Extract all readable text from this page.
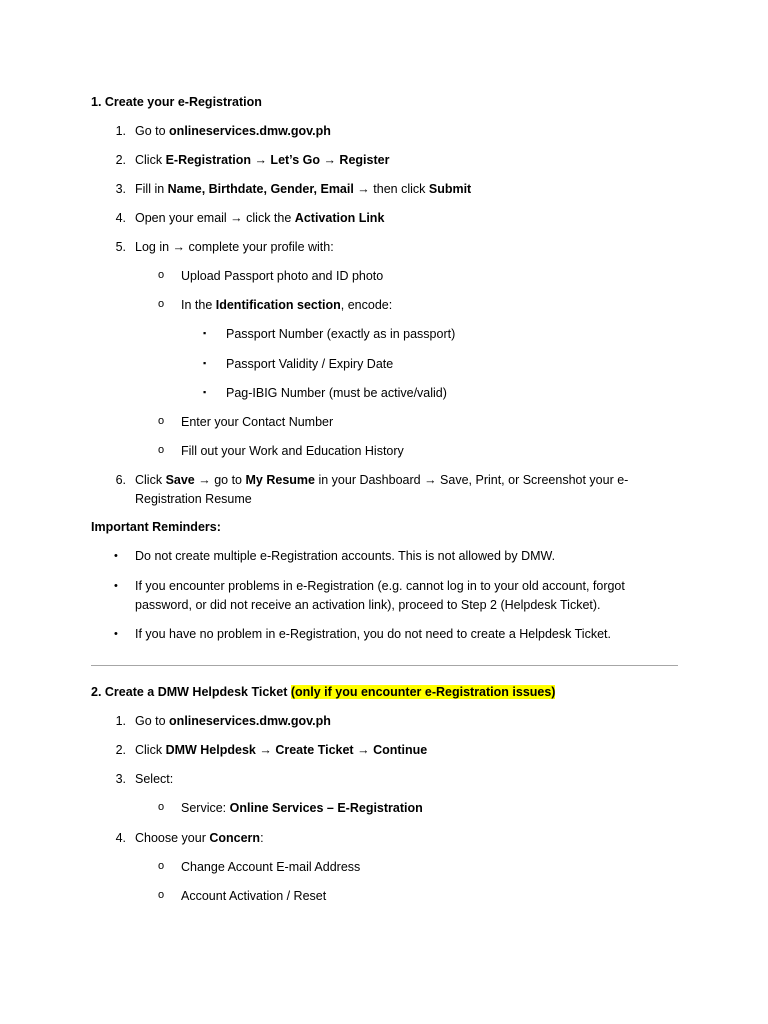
1. Create your e-Registration
1. Go to onlineservices.dmw.gov.ph
2. Click E-Registration → Let’s Go → Register
3. Fill in Name, Birthdate, Gender, Email → then click Submit
4. Open your email → click the Activation Link
5. Log in → complete your profile with:
o Upload Passport photo and ID photo
o In the Identification section, encode:
▪ Passport Number (exactly as in passport)
▪ Passport Validity / Expiry Date
▪ Pag-IBIG Number (must be active/valid)
o Enter your Contact Number
o Fill out your Work and Education History
6. Click Save → go to My Resume in your Dashboard → Save, Print, or Screenshot your e-
Registration Resume
Important Reminders:
• Do not create multiple e-Registration accounts. This is not allowed by DMW.
• If you encounter problems in e-Registration (e.g. cannot log in to your old account, forgot
password, or did not receive an activation link), proceed to Step 2 (Helpdesk Ticket).
• If you have no problem in e-Registration, you do not need to create a Helpdesk Ticket.
2. Create a DMW Helpdesk Ticket (only if you encounter e-Registration issues)
1. Go to onlineservices.dmw.gov.ph
2. Click DMW Helpdesk → Create Ticket → Continue
3. Select:
o Service: Online Services – E-Registration
4. Choose your Concern:
o Change Account E-mail Address
o Account Activation / Reset
